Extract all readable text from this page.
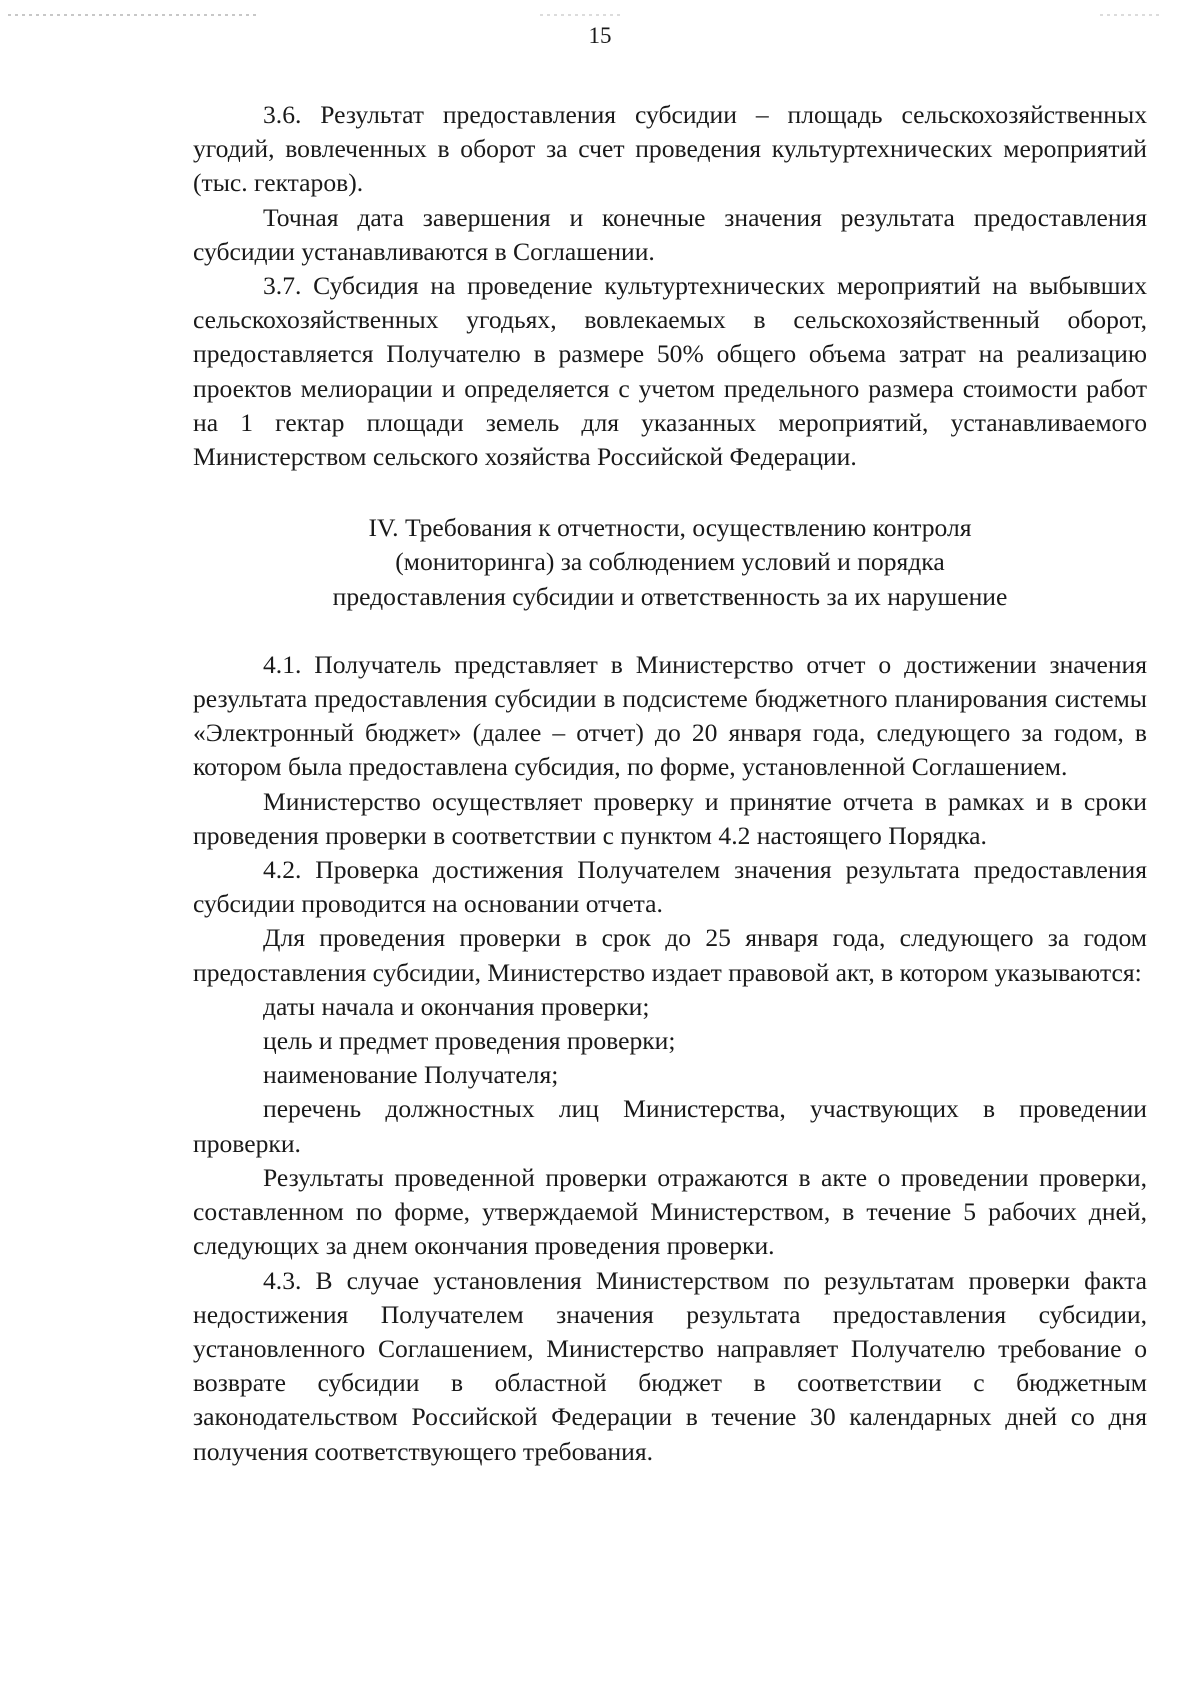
15

3.6. Результат предоставления субсидии – площадь сельскохозяйственных угодий, вовлеченных в оборот за счет проведения культуртехнических мероприятий (тыс. гектаров).

Точная дата завершения и конечные значения результата предоставления субсидии устанавливаются в Соглашении.

3.7. Субсидия на проведение культуртехнических мероприятий на выбывших сельскохозяйственных угодьях, вовлекаемых в сельскохозяйственный оборот, предоставляется Получателю в размере 50% общего объема затрат на реализацию проектов мелиорации и определяется с учетом предельного размера стоимости работ на 1 гектар площади земель для указанных мероприятий, устанавливаемого Министерством сельского хозяйства Российской Федерации.

IV. Требования к отчетности, осуществлению контроля
(мониторинга) за соблюдением условий и порядка
предоставления субсидии и ответственность за их нарушение

4.1. Получатель представляет в Министерство отчет о достижении значения результата предоставления субсидии в подсистеме бюджетного планирования системы «Электронный бюджет» (далее – отчет) до 20 января года, следующего за годом, в котором была предоставлена субсидия, по форме, установленной Соглашением.

Министерство осуществляет проверку и принятие отчета в рамках и в сроки проведения проверки в соответствии с пунктом 4.2 настоящего Порядка.

4.2. Проверка достижения Получателем значения результата предоставления субсидии проводится на основании отчета.

Для проведения проверки в срок до 25 января года, следующего за годом предоставления субсидии, Министерство издает правовой акт, в котором указываются:

даты начала и окончания проверки;

цель и предмет проведения проверки;

наименование Получателя;

перечень должностных лиц Министерства, участвующих в проведении проверки.

Результаты проведенной проверки отражаются в акте о проведении проверки, составленном по форме, утверждаемой Министерством, в течение 5 рабочих дней, следующих за днем окончания проведения проверки.

4.3. В случае установления Министерством по результатам проверки факта недостижения Получателем значения результата предоставления субсидии, установленного Соглашением, Министерство направляет Получателю требование о возврате субсидии в областной бюджет в соответствии с бюджетным законодательством Российской Федерации в течение 30 календарных дней со дня получения соответствующего требования.
